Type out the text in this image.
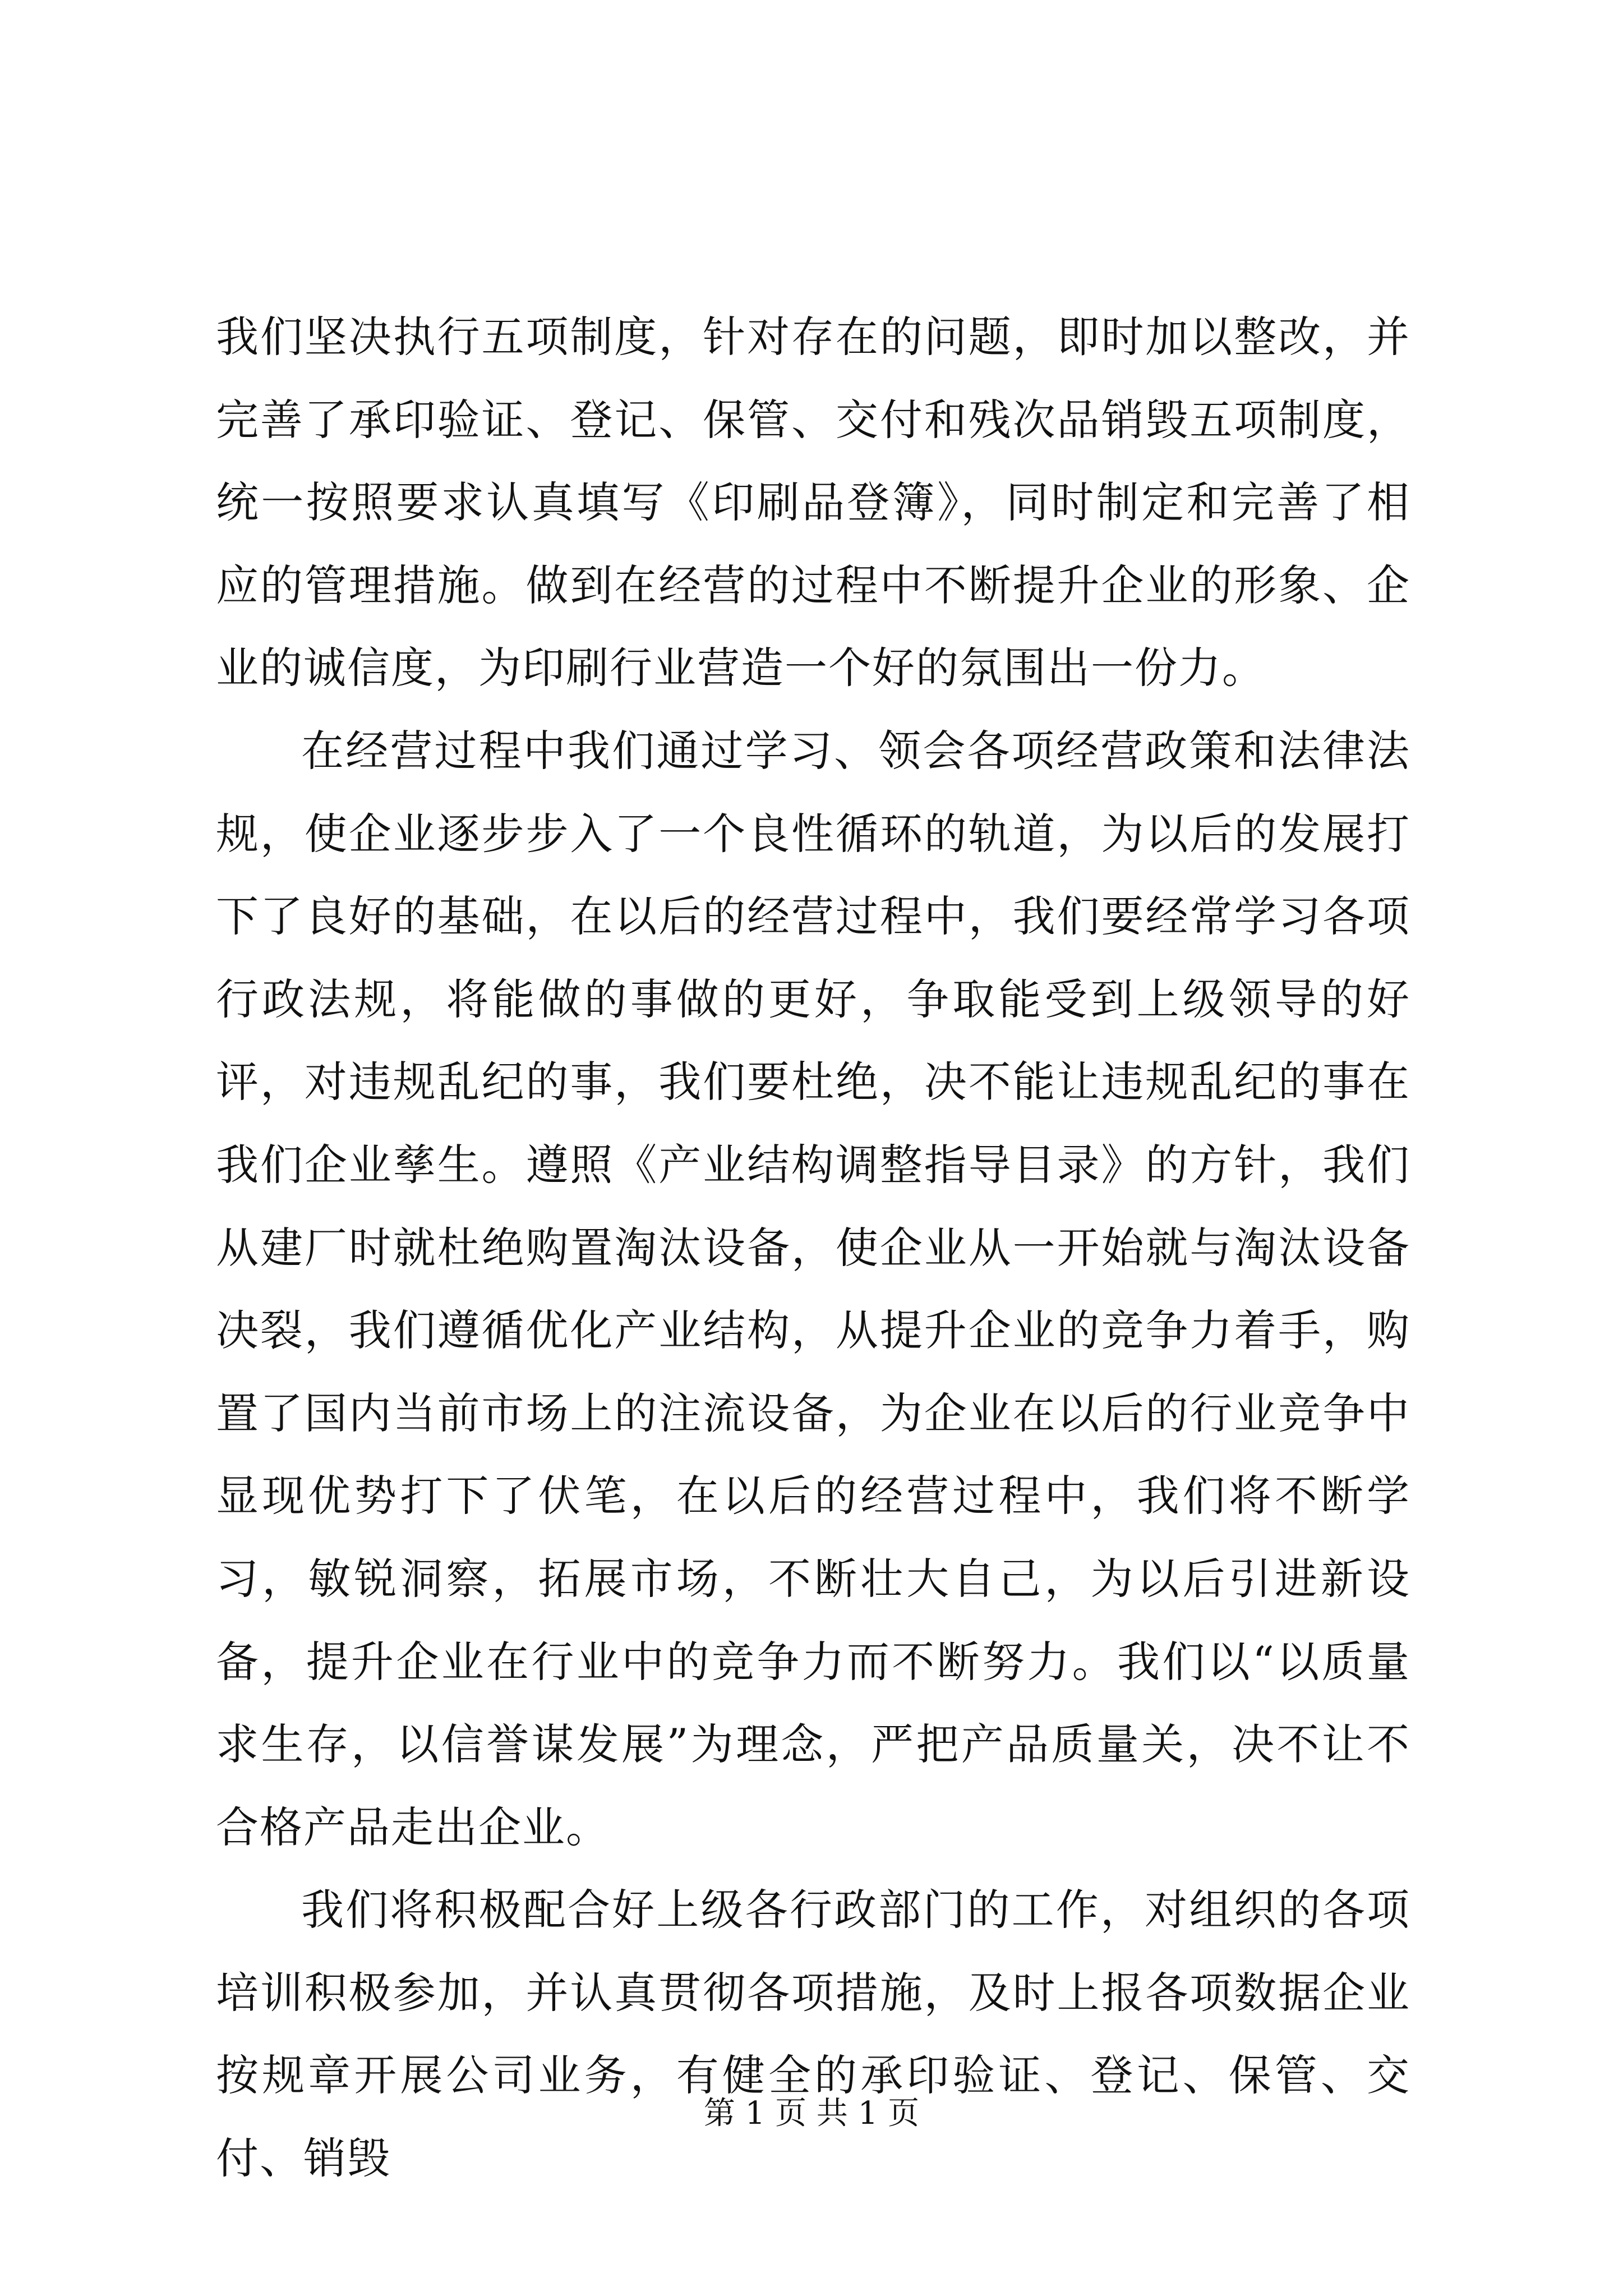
我们坚决执行五项制度，针对存在的问题，即时加以整改，并完善了承印验证、登记、保管、交付和残次品销毁五项制度，统一按照要求认真填写《印刷品登簿》，同时制定和完善了相应的管理措施。做到在经营的过程中不断提升企业的形象、企业的诚信度，为印刷行业营造一个好的氛围出一份力。

在经营过程中我们通过学习、领会各项经营政策和法律法规，使企业逐步步入了一个良性循环的轨道，为以后的发展打下了良好的基础，在以后的经营过程中，我们要经常学习各项行政法规，将能做的事做的更好，争取能受到上级领导的好评，对违规乱纪的事，我们要杜绝，决不能让违规乱纪的事在我们企业孳生。遵照《产业结构调整指导目录》的方针，我们从建厂时就杜绝购置淘汰设备，使企业从一开始就与淘汰设备决裂，我们遵循优化产业结构，从提升企业的竞争力着手，购置了国内当前市场上的注流设备，为企业在以后的行业竞争中显现优势打下了伏笔，在以后的经营过程中，我们将不断学习，敏锐洞察，拓展市场，不断壮大自己，为以后引进新设备，提升企业在行业中的竞争力而不断努力。我们以“以质量求生存，以信誉谋发展”为理念，严把产品质量关，决不让不合格产品走出企业。

我们将积极配合好上级各行政部门的工作，对组织的各项培训积极参加，并认真贯彻各项措施，及时上报各项数据企业按规章开展公司业务，有健全的承印验证、登记、保管、交付、销毁

第 1 页 共 1 页
